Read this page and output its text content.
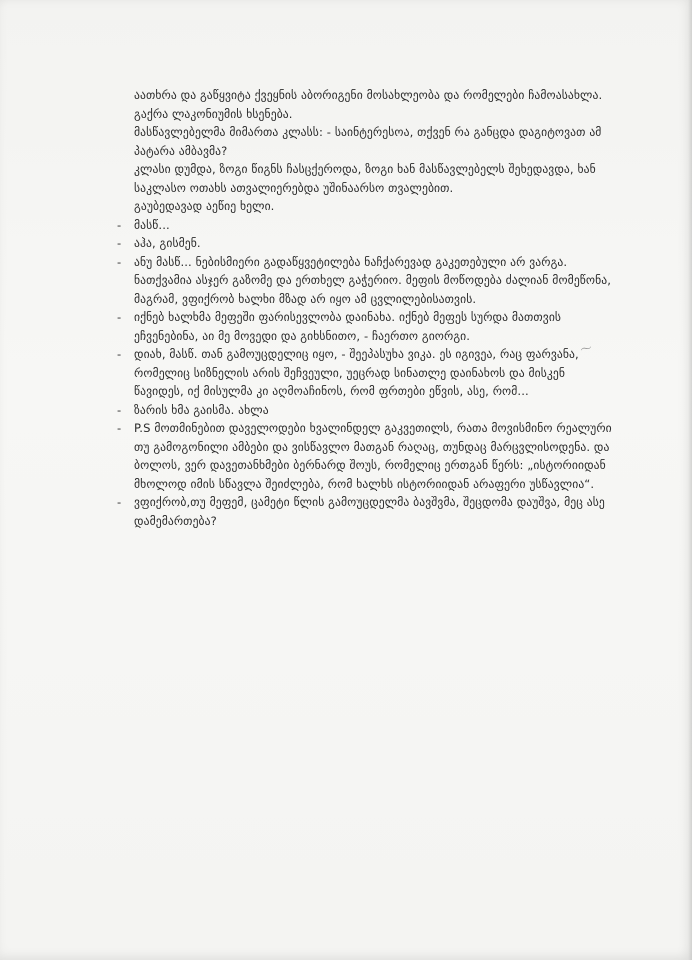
აათხრა და გაწყვიტა ქვეყნის აბორიგენი მოსახლეობა და რომელები ჩამოასახლა.
გაქრა ლაკონიუმის ხსენება.
მასწავლებელმა მიმართა კლასს: - საინტერესოა, თქვენ რა განცდა დაგიტოვათ ამ
პატარა ამბავმა?
კლასი დუმდა, ზოგი წიგნს ჩასცქეროდა, ზოგი ხან მასწავლებელს შეხედავდა, ხან
საკლასო ოთახს ათვალიერებდა უშინაარსო თვალებით.
გაუბედავად აეწიე ხელი.
- მასწ...
- აჰა, გისმენ.
- ანუ მასწ... ნებისმიერი გადაწყვეტილება ნაჩქარევად გაკეთებული არ ვარგა.
ნათქვამია ასჯერ გაზომე და ერთხელ გაჭერიო. მეფის მოწოდება ძალიან მომეწონა,
მაგრამ, ვფიქრობ ხალხი მზად არ იყო ამ ცვლილებისათვის.
- იქნებ ხალხმა მეფეში ფარისევლობა დაინახა. იქნებ მეფეს სურდა მათთვის
ეჩვენებინა, აი მე მოვედი და გიხსნითო, - ჩაერთო გიორგი.
- დიახ, მასწ. თან გამოუცდელიც იყო, - შეეპასუხა ვიკა. ეს იგივეა, რაც ფარვანა,
რომელიც სიზნელის არის შეჩვეული, უეცრად სინათლე დაინახოს და მისკენ
წავიდეს, იქ მისულმა კი აღმოაჩინოს, რომ ფრთები ეწვის, ასე, რომ...
- ზარის ხმა გაისმა. ახლა
- P.S მოთმინებით დაველოდები ხვალინდელ გაკვეთილს, რათა მოვისმინო რეალური
თუ გამოგონილი ამბები და ვისწავლო მათგან რაღაც, თუნდაც მარცვლისოდენა. და
ბოლოს, ვერ დავეთანხმები ბერნარდ შოუს, რომელიც ერთგან წერს: „ისტორიიდან
მხოლოდ იმის სწავლა შეიძლება, რომ ხალხს ისტორიიდან არაფერი უსწავლია“.
- ვფიქრობ,თუ მეფემ, ცამეტი წლის გამოუცდელმა ბავშვმა, შეცდომა დაუშვა, მეც ასე
დამემართება?
〜
